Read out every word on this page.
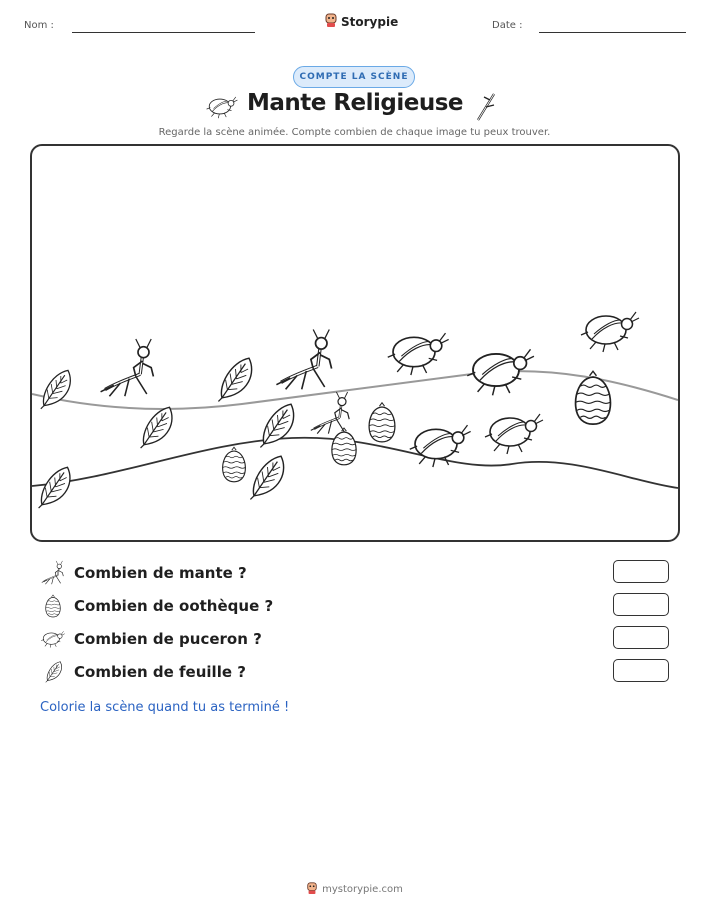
Nom :	Storypie	Date :
COMPTE LA SCÈNE
Mante Religieuse
Regarde la scène animée. Compte combien de chaque image tu peux trouver.
Combien de mante ?
Combien de oothèque ?
Combien de puceron ?
Combien de feuille ?
Colorie la scène quand tu as terminé !
mystorypie.com
